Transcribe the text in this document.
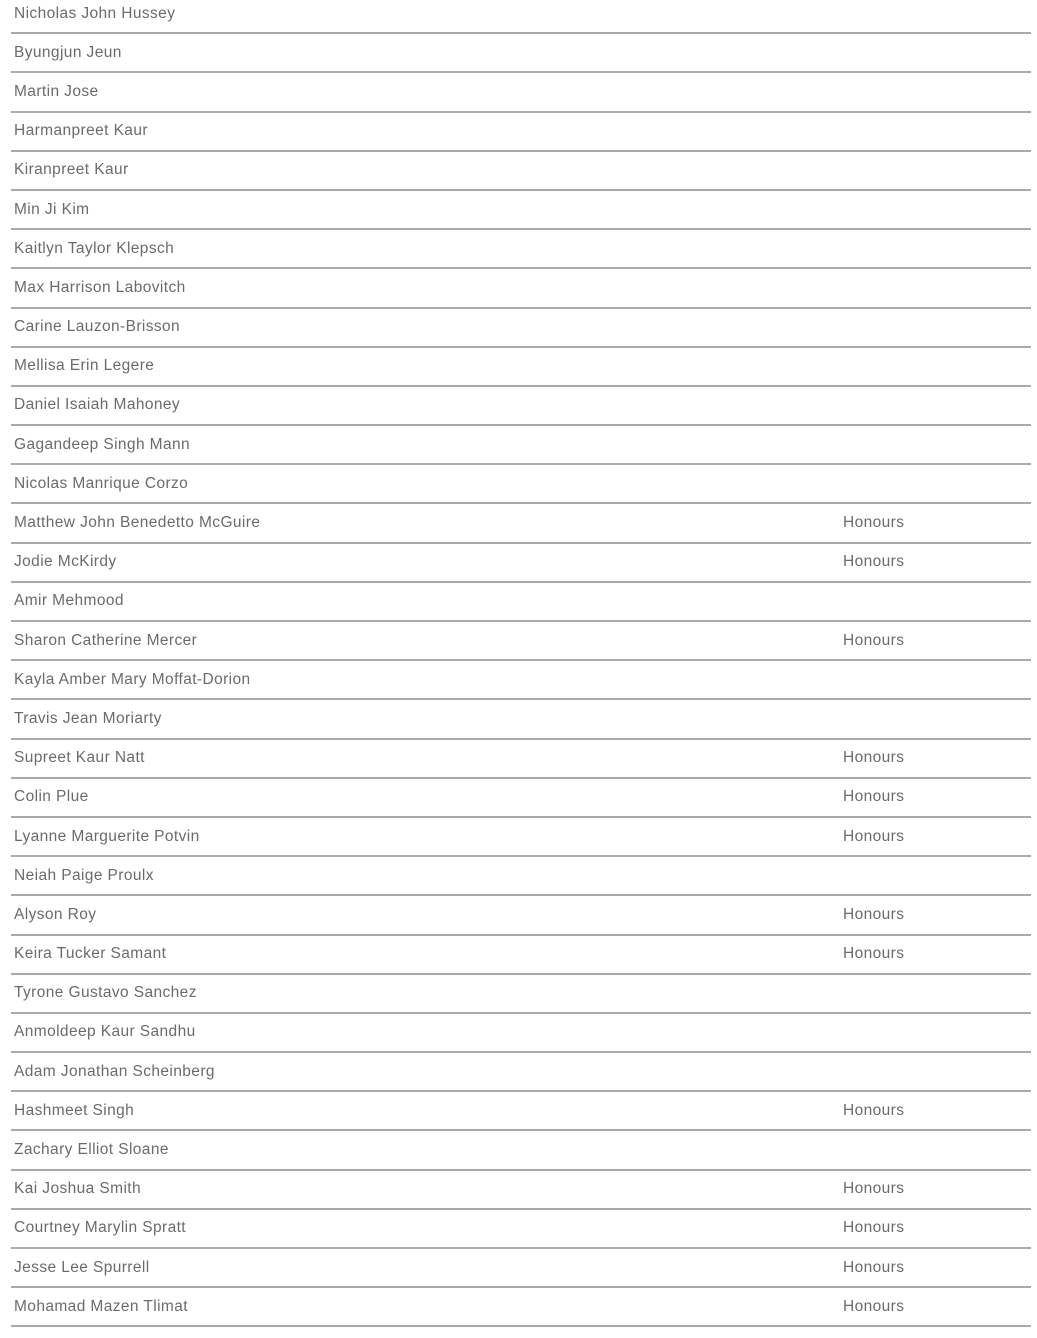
Nicholas John Hussey
Byungjun Jeun
Martin Jose
Harmanpreet Kaur
Kiranpreet Kaur
Min Ji Kim
Kaitlyn Taylor Klepsch
Max Harrison Labovitch
Carine Lauzon-Brisson
Mellisa Erin Legere
Daniel Isaiah Mahoney
Gagandeep Singh Mann
Nicolas Manrique Corzo
Matthew John Benedetto McGuire	Honours
Jodie McKirdy	Honours
Amir Mehmood
Sharon Catherine Mercer	Honours
Kayla Amber Mary Moffat-Dorion
Travis Jean Moriarty
Supreet Kaur Natt	Honours
Colin Plue	Honours
Lyanne Marguerite Potvin	Honours
Neiah Paige Proulx
Alyson Roy	Honours
Keira Tucker Samant	Honours
Tyrone Gustavo Sanchez
Anmoldeep Kaur Sandhu
Adam Jonathan Scheinberg
Hashmeet Singh	Honours
Zachary Elliot Sloane
Kai Joshua Smith	Honours
Courtney Marylin Spratt	Honours
Jesse Lee Spurrell	Honours
Mohamad Mazen Tlimat	Honours
